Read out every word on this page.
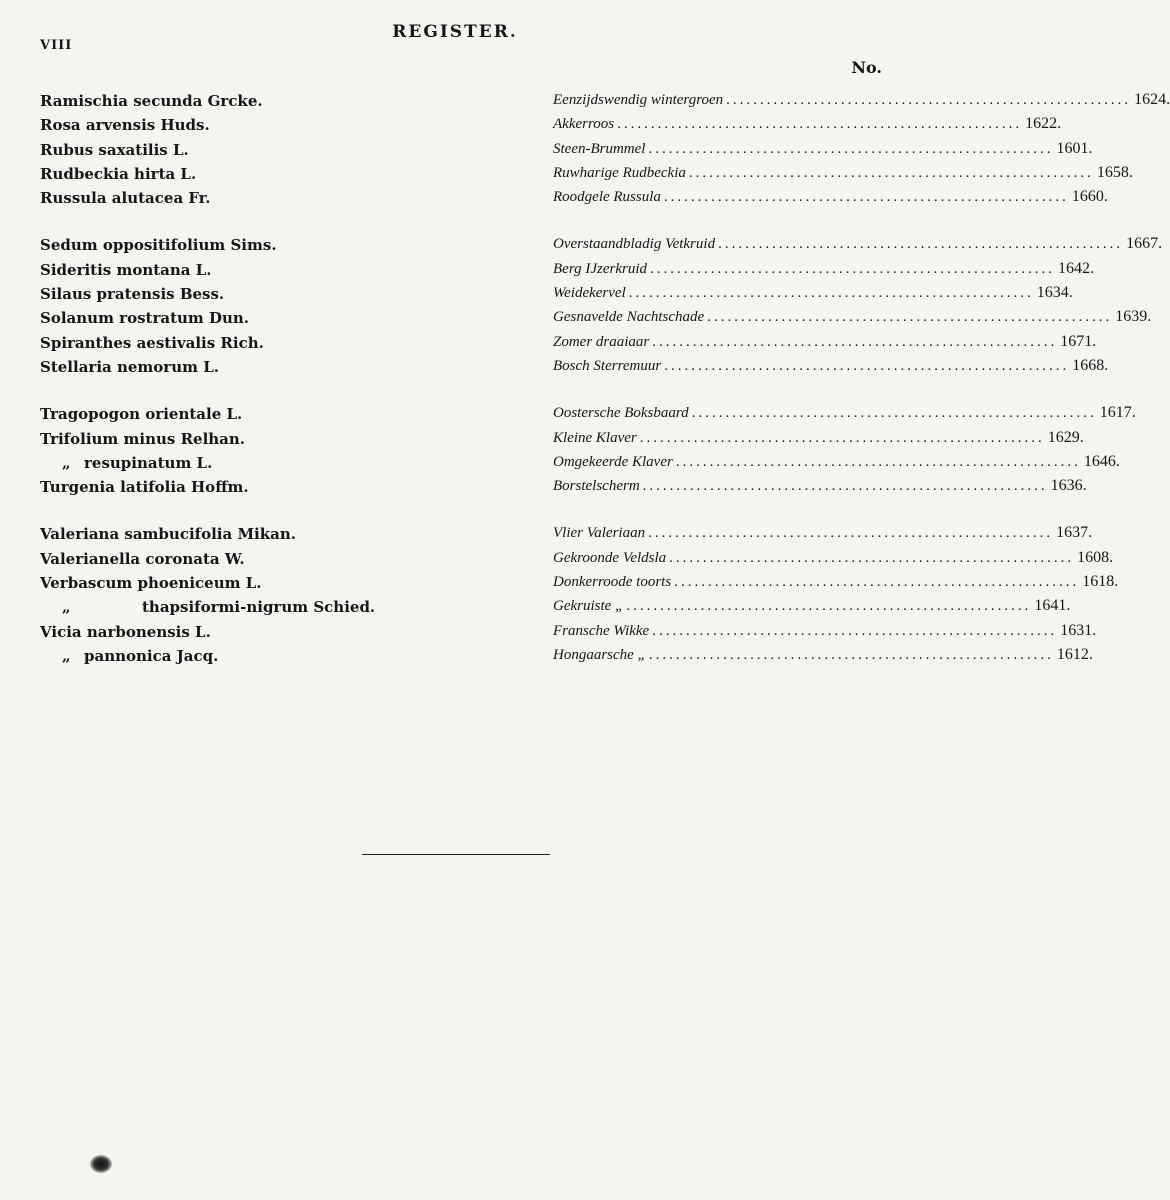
VIII
REGISTER.
No.
Ramischia secunda Grcke.	Eenzijdswendig wintergroen ............................................................ 1624.
Rosa arvensis Huds.	Akkerroos ............................................................ 1622.
Rubus saxatilis L.	Steen-Brummel ............................................................ 1601.
Rudbeckia hirta L.	Ruwharige Rudbeckia ............................................................ 1658.
Russula alutacea Fr.	Roodgele Russula ............................................................ 1660.
Sedum oppositifolium Sims.	Overstaandbladig Vetkruid ............................................................ 1667.
Sideritis montana L.	Berg IJzerkruid ............................................................ 1642.
Silaus pratensis Bess.	Weidekervel ............................................................ 1634.
Solanum rostratum Dun.	Gesnavelde Nachtschade ............................................................ 1639.
Spiranthes aestivalis Rich.	Zomer draaiaar ............................................................ 1671.
Stellaria nemorum L.	Bosch Sterremuur ............................................................ 1668.
Tragopogon orientale L.	Oostersche Boksbaard ............................................................ 1617.
Trifolium minus Relhan.	Kleine Klaver ............................................................ 1629.
„ resupinatum L.	Omgekeerde Klaver ............................................................ 1646.
Turgenia latifolia Hoffm.	Borstelscherm ............................................................ 1636.
Valeriana sambucifolia Mikan.	Vlier Valeriaan ............................................................ 1637.
Valerianella coronata W.	Gekroonde Veldsla ............................................................ 1608.
Verbascum phoeniceum L.	Donkerroode toorts ............................................................ 1618.
„	thapsiformi-nigrum Schied.	Gekruiste „ ............................................................ 1641.
Vicia narbonensis L.	Fransche Wikke ............................................................ 1631.
„ pannonica Jacq.	Hongaarsche „ ............................................................ 1612.
